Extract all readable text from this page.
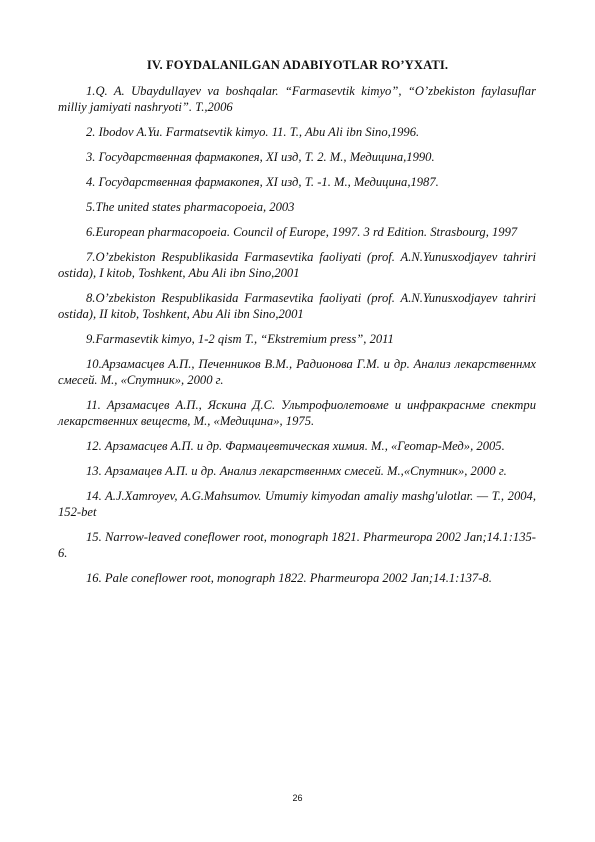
IV. FOYDALANILGAN ADABIYOTLAR RO’YXATI.
1.Q. A. Ubaydullayev va boshqalar. “Farmasevtik kimyo”, “O’zbekiston faylasuflar milliy jamiyati nashryoti”. T.,2006
2. Ibodov A.Yu. Farmatsevtik kimyo. 11. T., Abu Ali ibn Sino,1996.
3. Государственная фармакопея, XI изд, Т. 2. М., Медицина,1990.
4. Государственная фармакопея, XI изд, Т. -1. М., Медицина,1987.
5.The united states pharmacopoeia, 2003
6.European pharmacopoeia. Council of Europe, 1997. 3 rd Edition. Strasbourg, 1997
7.O’zbekiston Respublikasida Farmasevtika faoliyati (prof. A.N.Yunusxodjayev tahriri ostida), I kitob, Toshkent, Abu Ali ibn Sino,2001
8.O’zbekiston Respublikasida Farmasevtika faoliyati (prof. A.N.Yunusxodjayev tahriri ostida), II kitob, Toshkent, Abu Ali ibn Sino,2001
9.Farmasevtik kimyo, 1-2 qism T., “Ekstremium press”, 2011
10.Арзамасцев А.П., Печенников В.М., Радионова Г.М. и др. Анализ лекарственнмх смесей. М., «Спутник», 2000 г.
11. Арзамасцев А.П., Яскина Д.С. Ультрофиолетовме и инфракраснме спектри лекарственних веществ, М., «Медицина», 1975.
12. Арзамасцев А.П. и др. Фармацевтическая химия. М., «Геотар-Мед», 2005.
13. Арзамацев А.П. и др. Анализ лекарственнмх смесей. М.,«Спутник», 2000 г.
14. A.J.Xamroyev, A.G.Mahsumov. Umumiy kimyodan amaliy mashg'ulotlar. — T., 2004, 152-bet
15. Narrow-leaved coneflower root, monograph 1821. Pharmeuropa 2002 Jan;14.1:135-6.
16. Pale coneflower root, monograph 1822. Pharmeuropa 2002 Jan;14.1:137-8.
26
